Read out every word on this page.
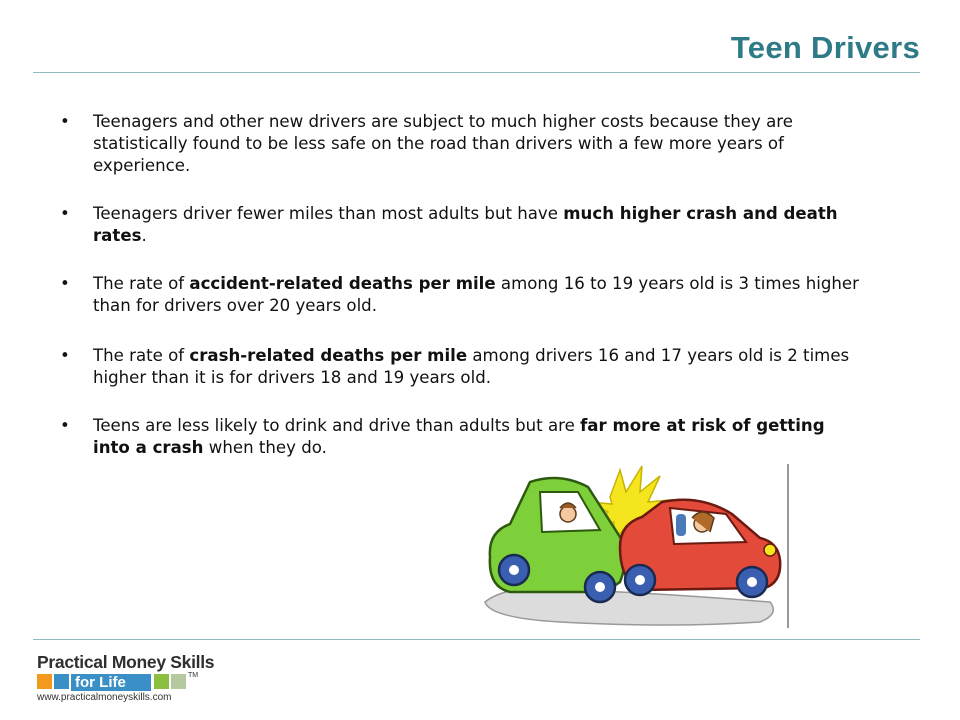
Teen Drivers
• Teenagers and other new drivers are subject to much higher costs because they are statistically found to be less safe on the road than drivers with a few more years of experience.
• Teenagers driver fewer miles than most adults but have much higher crash and death rates.
• The rate of accident-related deaths per mile among 16 to 19 years old is 3 times higher than for drivers over 20 years old.
• The rate of crash-related deaths per mile among drivers 16 and 17 years old is 2 times higher than it is for drivers 18 and 19 years old.
• Teens are less likely to drink and drive than adults but are far more at risk of getting into a crash when they do.
Practical Money Skills
for Life	TM
www.practicalmoneyskills.com
